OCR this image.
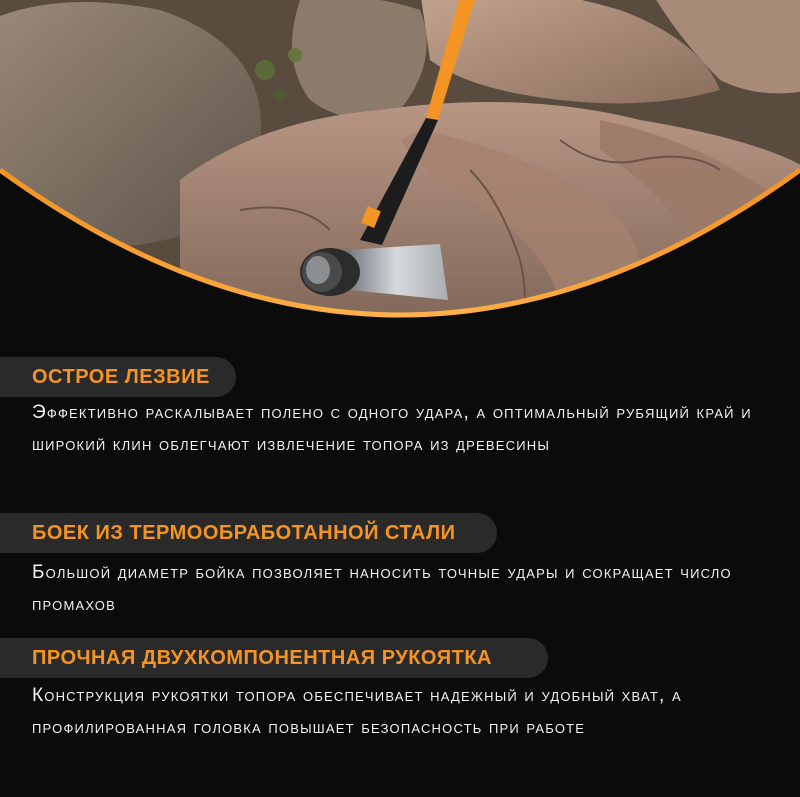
ОСТРОЕ ЛЕЗВИЕ

Эффективно раскалывает полено с одного удара, а оптимальный рубящий край и широкий клин облегчают извлечение топора из древесины

БОЕК ИЗ ТЕРМООБРАБОТАННОЙ СТАЛИ

Большой диаметр бойка позволяет наносить точные удары и сокращает число промахов

ПРОЧНАЯ ДВУХКОМПОНЕНТНАЯ РУКОЯТКА

Конструкция рукоятки топора обеспечивает надежный и удобный хват, а профилированная головка повышает безопасность при работе
